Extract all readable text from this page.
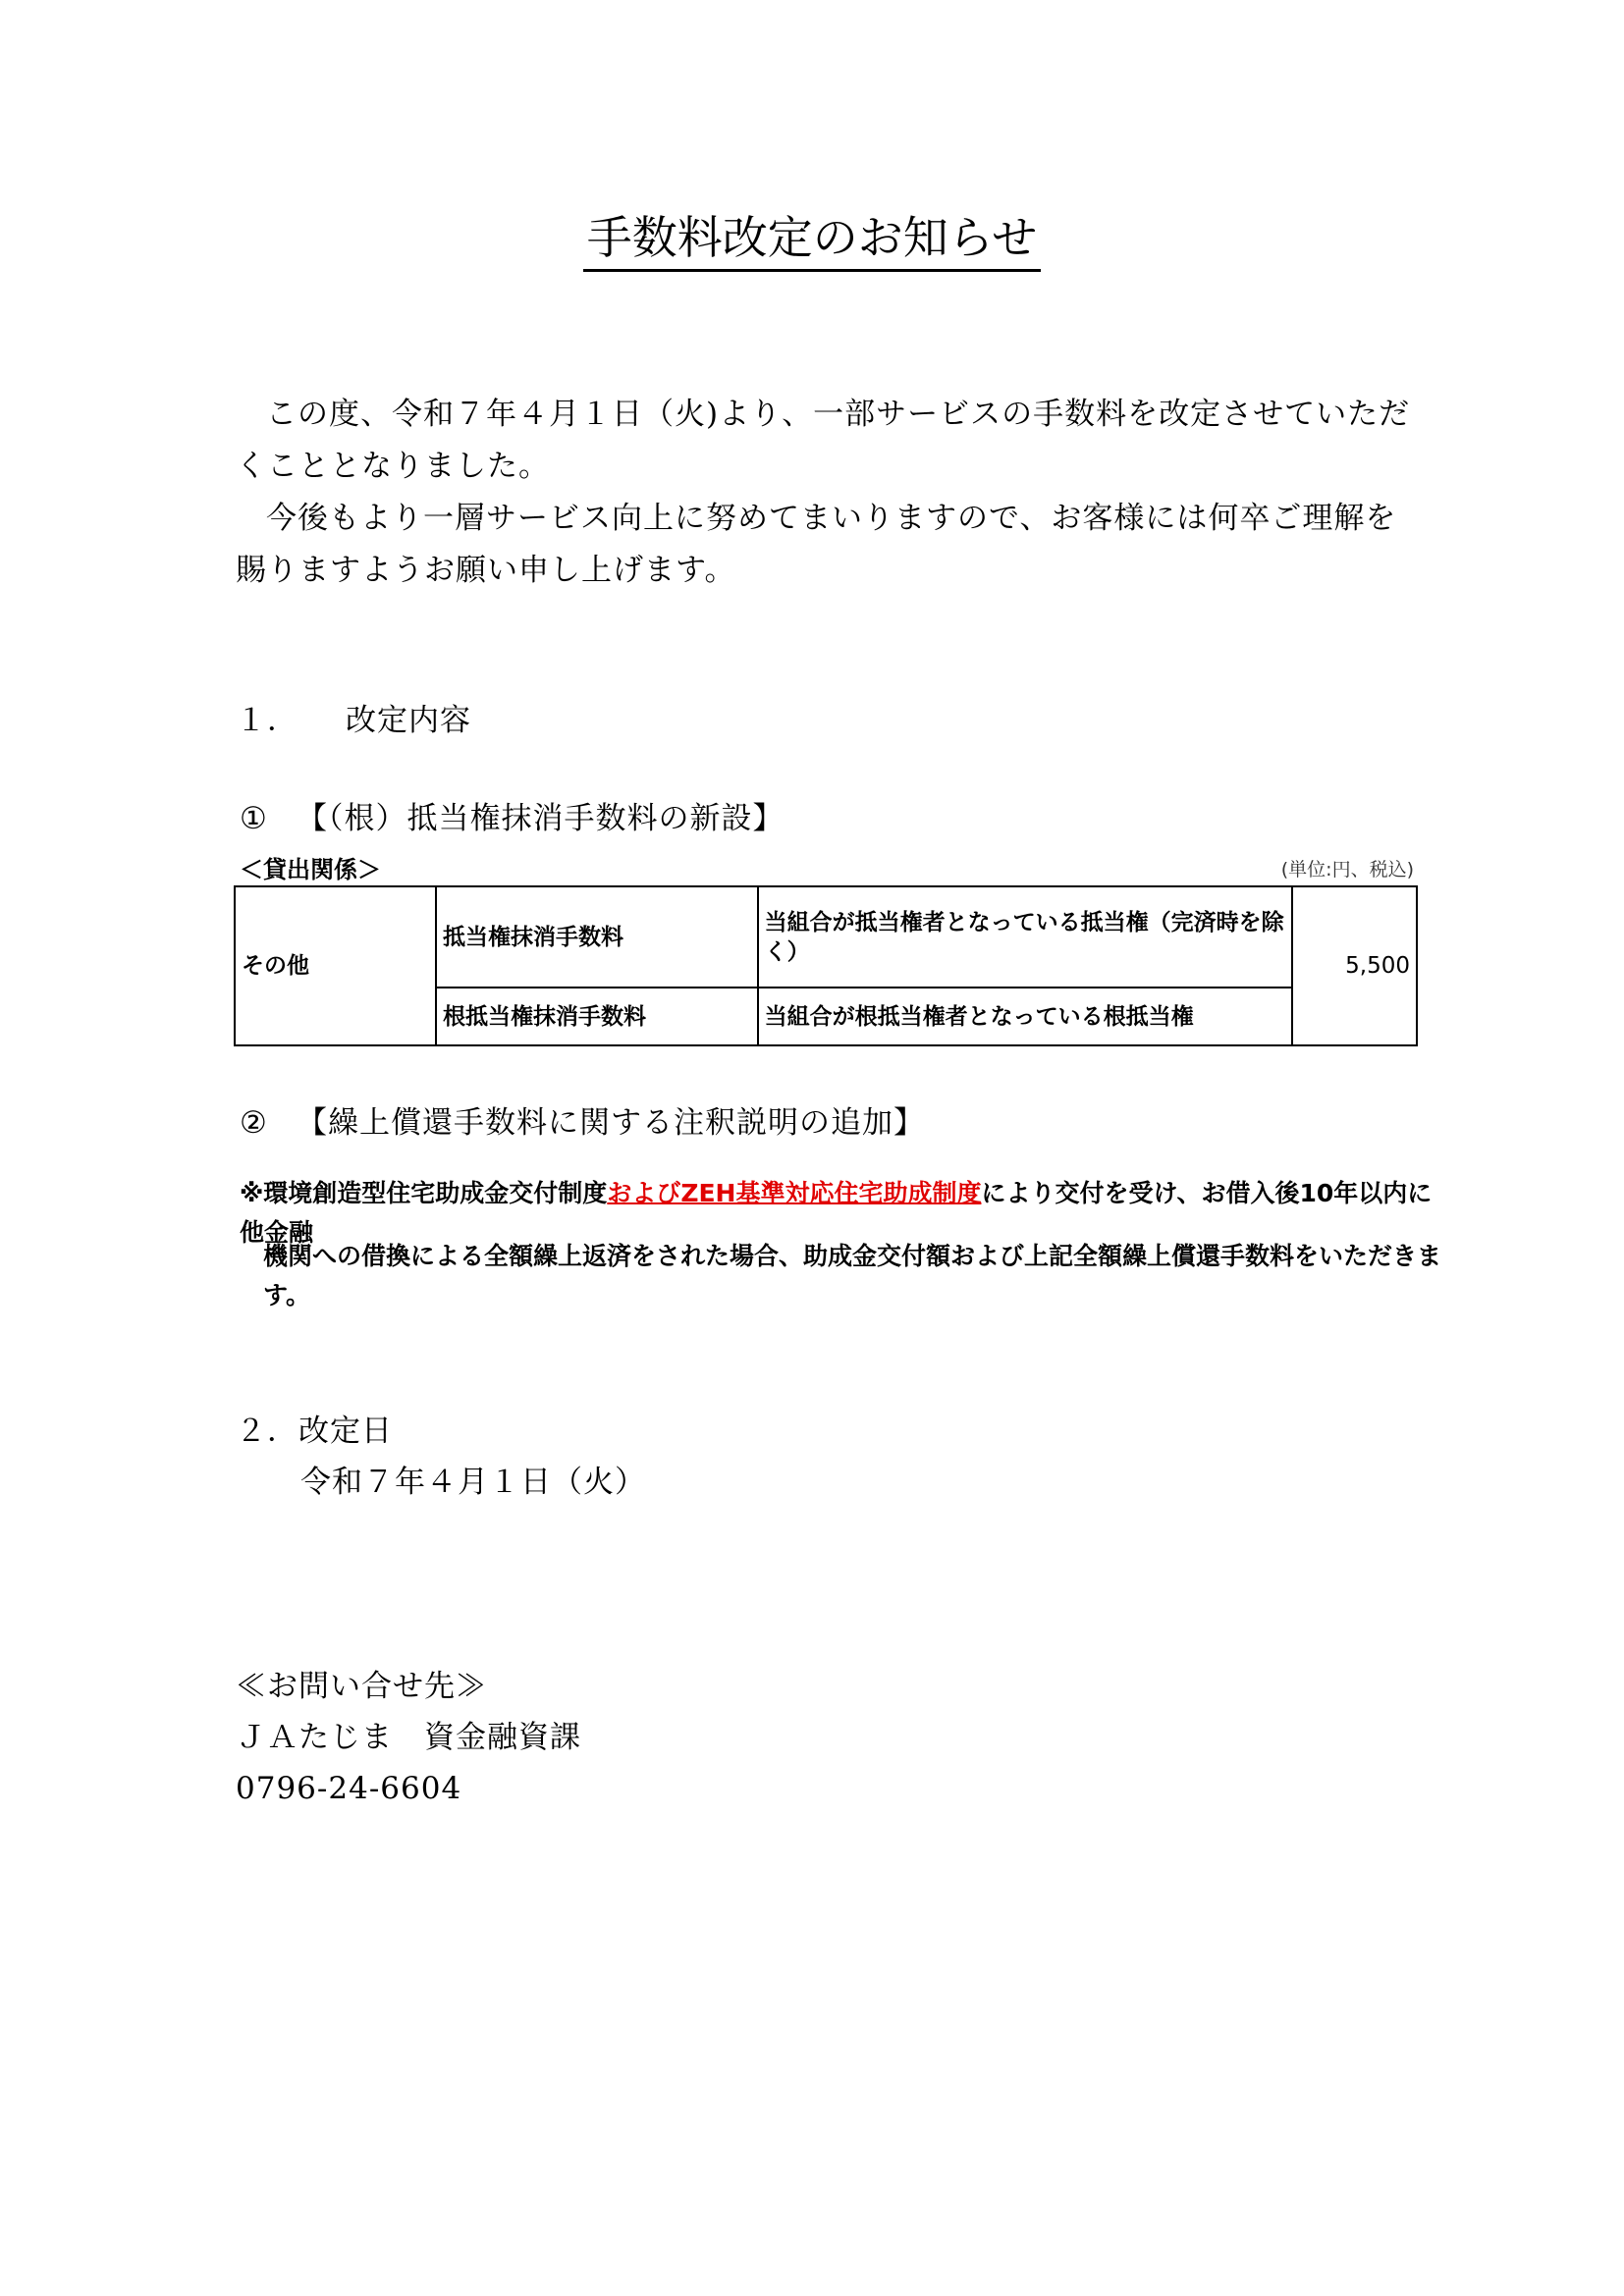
手数料改定のお知らせ
この度、令和７年４月１日（火)より、一部サービスの手数料を改定させていただくこととなりました。
今後もより一層サービス向上に努めてまいりますので、お客様には何卒ご理解を賜りますようお願い申し上げます。
１． 改定内容
① 【（根）抵当権抹消手数料の新設】
＜貸出関係＞	(単位:円、税込)
その他	抵当権抹消手数料	当組合が抵当権者となっている抵当権（完済時を除く）	5,500
	根抵当権抹消手数料	当組合が根抵当権者となっている根抵当権	
② 【繰上償還手数料に関する注釈説明の追加】
※環境創造型住宅助成金交付制度およびZEH基準対応住宅助成制度により交付を受け、お借入後10年以内に他金融
機関への借換による全額繰上返済をされた場合、助成金交付額および上記全額繰上償還手数料をいただきます。
２．改定日
令和７年４月１日（火）
≪お問い合せ先≫
ＪＡたじま　資金融資課
0796-24-6604
